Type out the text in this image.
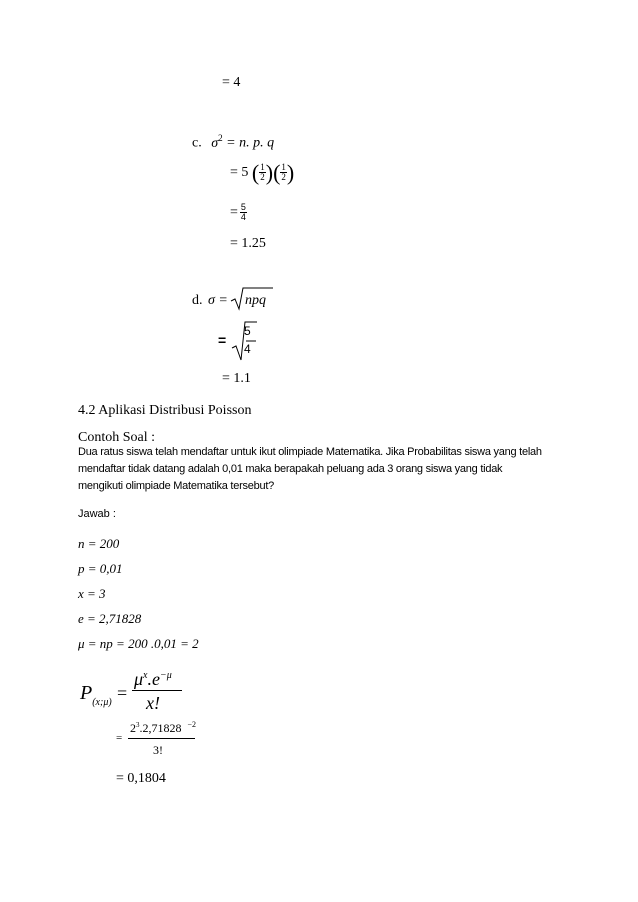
= 4
c. $\sigma^2 = n$. p. q
= 5 ( $\frac{1}{2}$ )( $\frac{1}{2}$ )
= $\frac{5}{4}$
= 1.25
d. σ = npq
=
5
4
= 1.1
4.2 Aplikasi Distribusi Poisson
Contoh Soal :
Dua ratus siswa telah mendaftar untuk ikut olimpiade Matematika. Jika Probabilitas siswa yang telah
mendaftar tidak datang adalah 0,01 maka berapakah peluang ada 3 orang siswa yang tidak
mengikuti olimpiade Matematika tersebut?
Jawab :
n = 200
p = 0,01
x = 3
e = 2,71828
μ = np = 200 .0,01 = 2
$P_{(x;\mu)}$ =
$\mu^x.e^{-\mu}$
x!
=
$2^3.2,71828$ $^{-2}$
3!
= 0,1804
